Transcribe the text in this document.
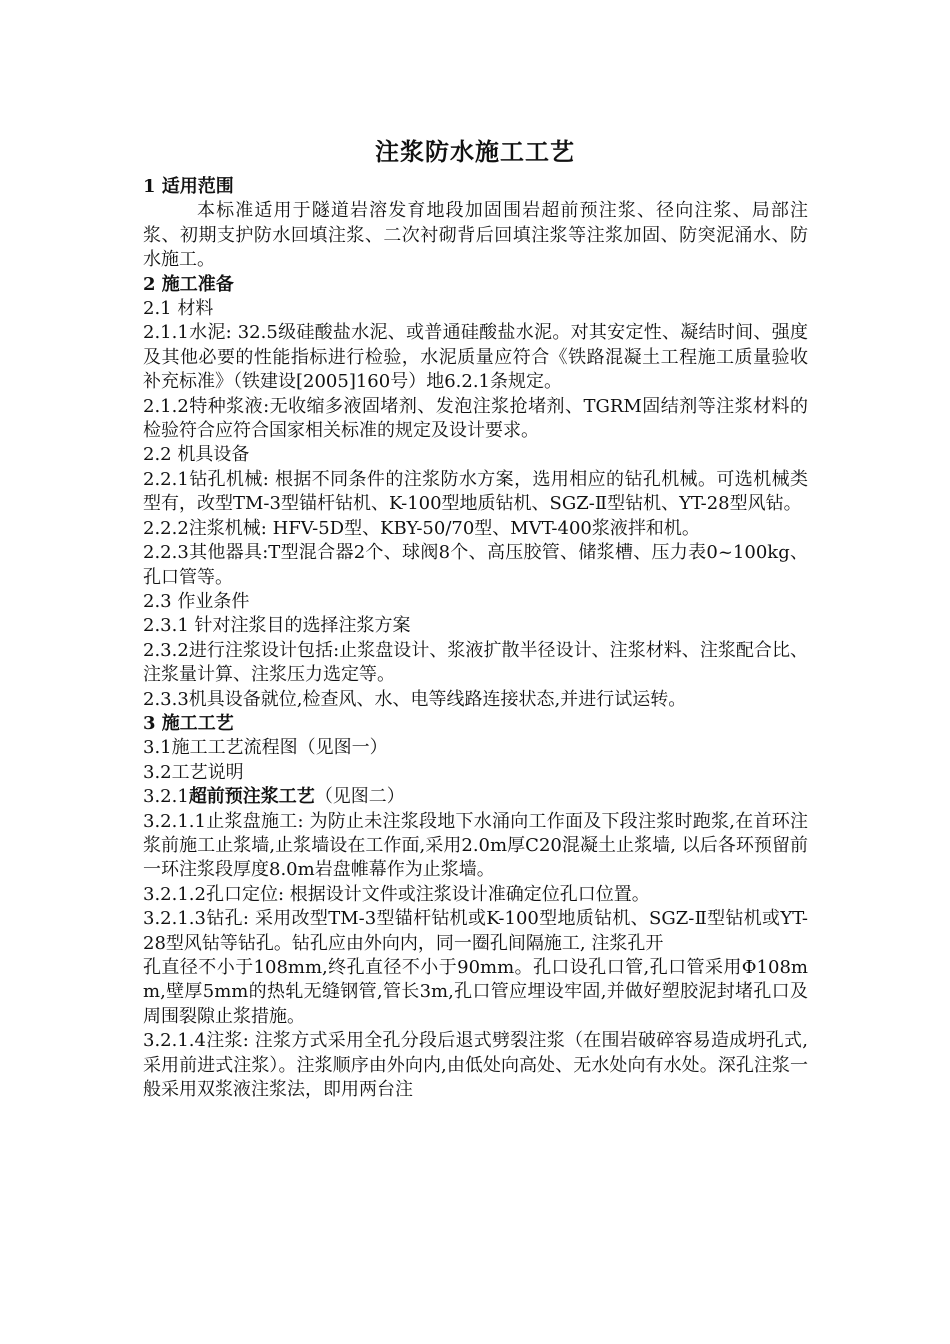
注浆防水施工工艺

1 适用范围

本标准适用于隧道岩溶发育地段加固围岩超前预注浆、径向注浆、局部注浆、初期支护防水回填注浆、二次衬砌背后回填注浆等注浆加固、防突泥涌水、防水施工。

2 施工准备

2.1 材料

2.1.1水泥: 32.5级硅酸盐水泥、或普通硅酸盐水泥。对其安定性、凝结时间、强度及其他必要的性能指标进行检验，水泥质量应符合《铁路混凝土工程施工质量验收补充标准》（铁建设[2005]160号）地6.2.1条规定。

2.1.2特种浆液:无收缩多液固堵剂、发泡注浆抢堵剂、TGRM固结剂等注浆材料的检验符合应符合国家相关标准的规定及设计要求。

2.2 机具设备

2.2.1钻孔机械: 根据不同条件的注浆防水方案，选用相应的钻孔机械。可选机械类型有，改型TM-3型锚杆钻机、K-100型地质钻机、SGZ-Ⅱ型钻机、YT-28型风钻。

2.2.2注浆机械: HFV-5D型、KBY-50/70型、MVT-400浆液拌和机。

2.2.3其他器具:T型混合器2个、球阀8个、高压胶管、储浆槽、压力表0~100kg、孔口管等。

2.3 作业条件

2.3.1 针对注浆目的选择注浆方案

2.3.2进行注浆设计包括:止浆盘设计、浆液扩散半径设计、注浆材料、注浆配合比、注浆量计算、注浆压力选定等。

2.3.3机具设备就位,检查风、水、电等线路连接状态,并进行试运转。

3 施工工艺

3.1施工工艺流程图（见图一）

3.2工艺说明

3.2.1超前预注浆工艺（见图二）

3.2.1.1止浆盘施工: 为防止未注浆段地下水涌向工作面及下段注浆时跑浆,在首环注浆前施工止浆墙,止浆墙设在工作面,采用2.0m厚C20混凝土止浆墙, 以后各环预留前一环注浆段厚度8.0m岩盘帷幕作为止浆墙。

3.2.1.2孔口定位: 根据设计文件或注浆设计准确定位孔口位置。

3.2.1.3钻孔: 采用改型TM-3型锚杆钻机或K-100型地质钻机、SGZ-Ⅱ型钻机或YT-28型风钻等钻孔。钻孔应由外向内，同一圈孔间隔施工, 注浆孔开

孔直径不小于108mm,终孔直径不小于90mm。孔口设孔口管,孔口管采用Φ108mm,壁厚5mm的热轧无缝钢管,管长3m,孔口管应埋设牢固,并做好塑胶泥封堵孔口及周围裂隙止浆措施。

3.2.1.4注浆: 注浆方式采用全孔分段后退式劈裂注浆（在围岩破碎容易造成坍孔式,采用前进式注浆）。注浆顺序由外向内,由低处向高处、无水处向有水处。深孔注浆一般采用双浆液注浆法，即用两台注
